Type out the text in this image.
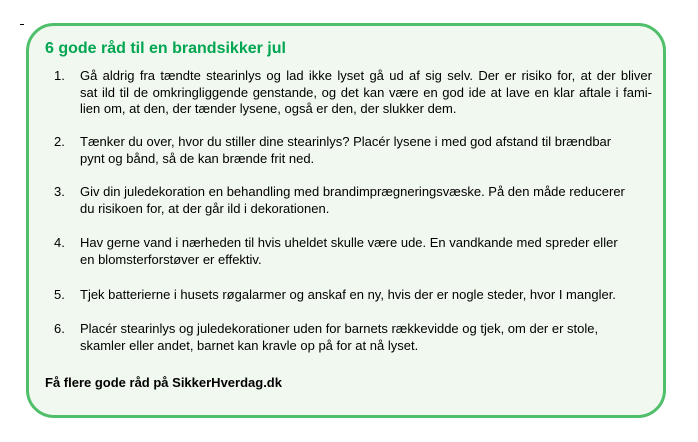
6 gode råd til en brandsikker jul
1. Gå aldrig fra tændte stearinlys og lad ikke lyset gå ud af sig selv. Der er risiko for, at der bliver
sat ild til de omkringliggende genstande, og det kan være en god ide at lave en klar aftale i fami-
lien om, at den, der tænder lysene, også er den, der slukker dem.
2. Tænker du over, hvor du stiller dine stearinlys? Placér lysene i med god afstand til brændbar
pynt og bånd, så de kan brænde frit ned.
3. Giv din juledekoration en behandling med brandimprægneringsvæske. På den måde reducerer
du risikoen for, at der går ild i dekorationen.
4. Hav gerne vand i nærheden til hvis uheldet skulle være ude. En vandkande med spreder eller
en blomsterforstøver er effektiv.
5. Tjek batterierne i husets røgalarmer og anskaf en ny, hvis der er nogle steder, hvor I mangler.
6. Placér stearinlys og juledekorationer uden for barnets rækkevidde og tjek, om der er stole,
skamler eller andet, barnet kan kravle op på for at nå lyset.

Få flere gode råd på SikkerHverdag.dk
